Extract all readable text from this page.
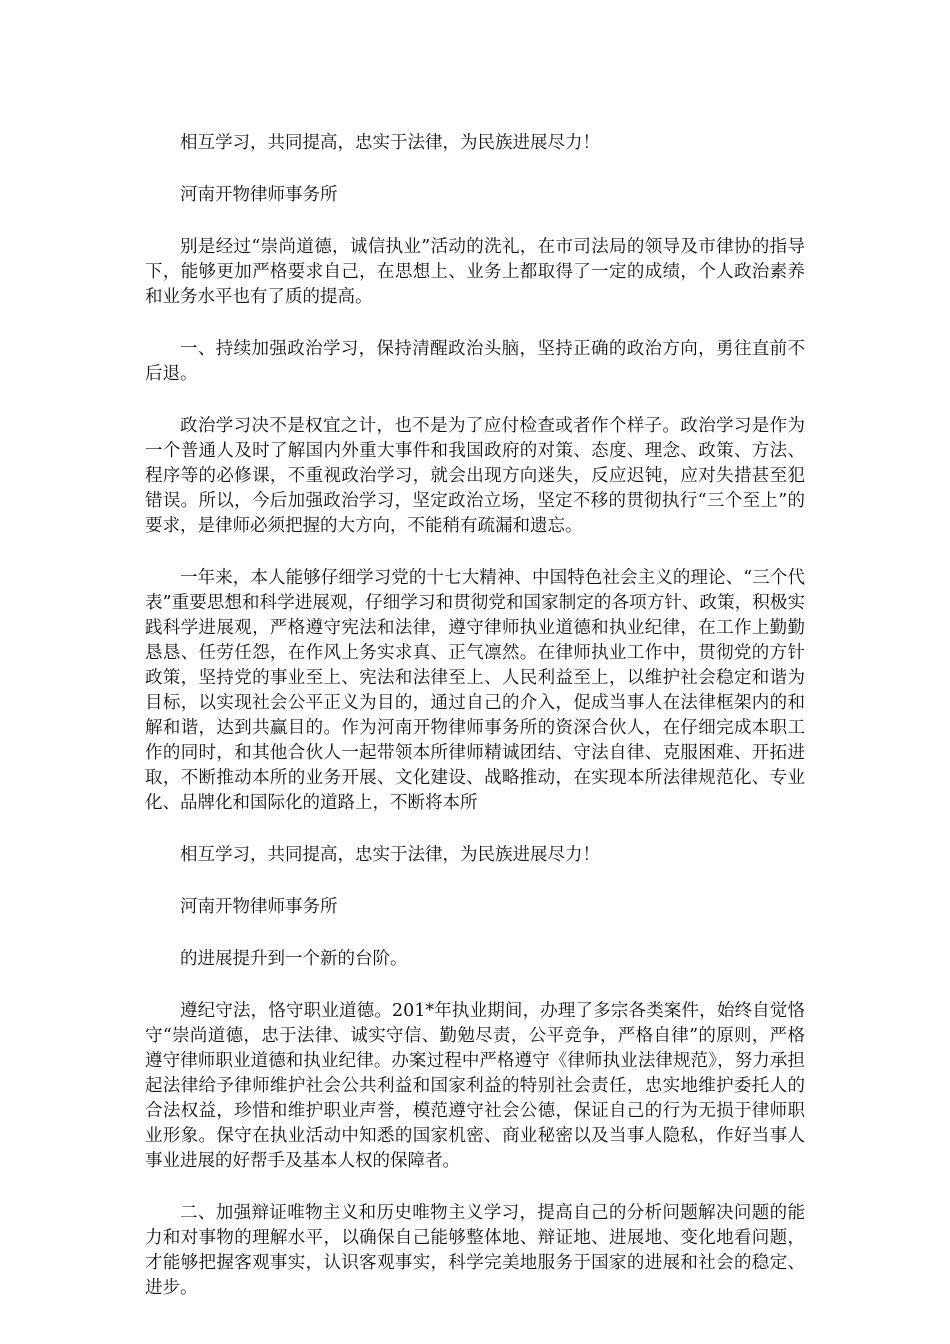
相互学习，共同提高，忠实于法律，为民族进展尽力！

河南开物律师事务所

别是经过“崇尚道德，诚信执业”活动的洗礼，在市司法局的领导及市律协的指导下，能够更加严格要求自己，在思想上、业务上都取得了一定的成绩，个人政治素养和业务水平也有了质的提高。

一、持续加强政治学习，保持清醒政治头脑，坚持正确的政治方向，勇往直前不后退。

政治学习决不是权宜之计，也不是为了应付检查或者作个样子。政治学习是作为一个普通人及时了解国内外重大事件和我国政府的对策、态度、理念、政策、方法、程序等的必修课，不重视政治学习，就会出现方向迷失，反应迟钝，应对失措甚至犯错误。所以，今后加强政治学习，坚定政治立场，坚定不移的贯彻执行“三个至上”的要求，是律师必须把握的大方向，不能稍有疏漏和遗忘。

一年来，本人能够仔细学习党的十七大精神、中国特色社会主义的理论、“三个代表”重要思想和科学进展观，仔细学习和贯彻党和国家制定的各项方针、政策，积极实践科学进展观，严格遵守宪法和法律，遵守律师执业道德和执业纪律，在工作上勤勤恳恳、任劳任怨，在作风上务实求真、正气凛然。在律师执业工作中，贯彻党的方针政策，坚持党的事业至上、宪法和法律至上、人民利益至上，以维护社会稳定和谐为目标，以实现社会公平正义为目的，通过自己的介入，促成当事人在法律框架内的和解和谐，达到共赢目的。作为河南开物律师事务所的资深合伙人，在仔细完成本职工作的同时，和其他合伙人一起带领本所律师精诚团结、守法自律、克服困难、开拓进取，不断推动本所的业务开展、文化建设、战略推动，在实现本所法律规范化、专业化、品牌化和国际化的道路上，不断将本所

相互学习，共同提高，忠实于法律，为民族进展尽力！

河南开物律师事务所

的进展提升到一个新的台阶。

遵纪守法，恪守职业道德。201*年执业期间，办理了多宗各类案件，始终自觉恪守“崇尚道德，忠于法律、诚实守信、勤勉尽责，公平竞争，严格自律”的原则，严格遵守律师职业道德和执业纪律。办案过程中严格遵守《律师执业法律规范》，努力承担起法律给予律师维护社会公共利益和国家利益的特别社会责任，忠实地维护委托人的合法权益，珍惜和维护职业声誉，模范遵守社会公德，保证自己的行为无损于律师职业形象。保守在执业活动中知悉的国家机密、商业秘密以及当事人隐私，作好当事人事业进展的好帮手及基本人权的保障者。

二、加强辩证唯物主义和历史唯物主义学习，提高自己的分析问题解决问题的能力和对事物的理解水平，以确保自己能够整体地、辩证地、进展地、变化地看问题，才能够把握客观事实，认识客观事实，科学完美地服务于国家的进展和社会的稳定、进步。
